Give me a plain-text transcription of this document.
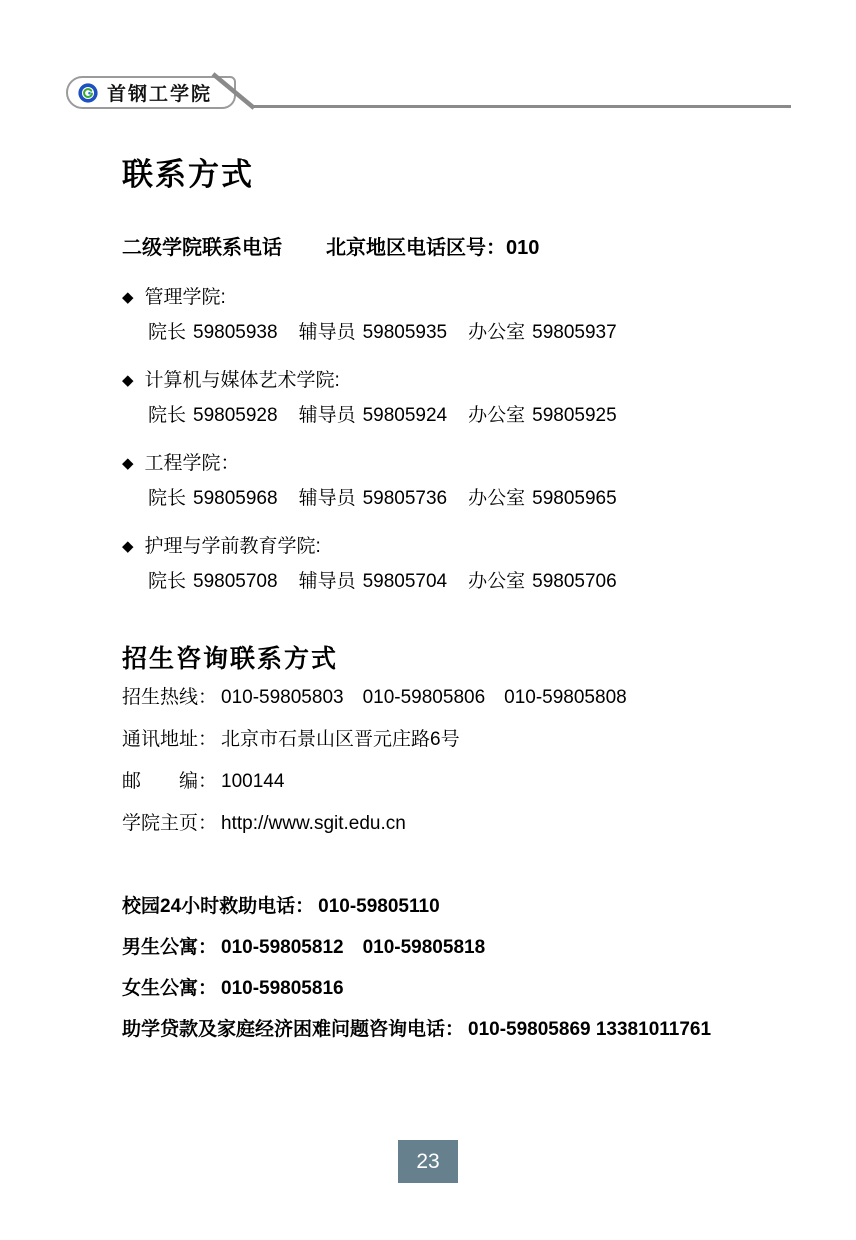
首钢工学院
联系方式
二级学院联系电话 北京地区电话区号：010
◆ 管理学院:
院长 59805938 辅导员 59805935 办公室 59805937
◆ 计算机与媒体艺术学院:
院长 59805928 辅导员 59805924 办公室 59805925
◆ 工程学院：
院长 59805968 辅导员 59805736 办公室 59805965
◆ 护理与学前教育学院:
院长 59805708 辅导员 59805704 办公室 59805706
招生咨询联系方式
招生热线： 010-59805803　010-59805806　010-59805808
通讯地址： 北京市石景山区晋元庄路6号
邮　　编： 100144
学院主页： http://www.sgit.edu.cn
校园24小时救助电话： 010-59805110
男生公寓： 010-59805812　010-59805818
女生公寓： 010-59805816
助学贷款及家庭经济困难问题咨询电话： 010-59805869 13381011761
23
